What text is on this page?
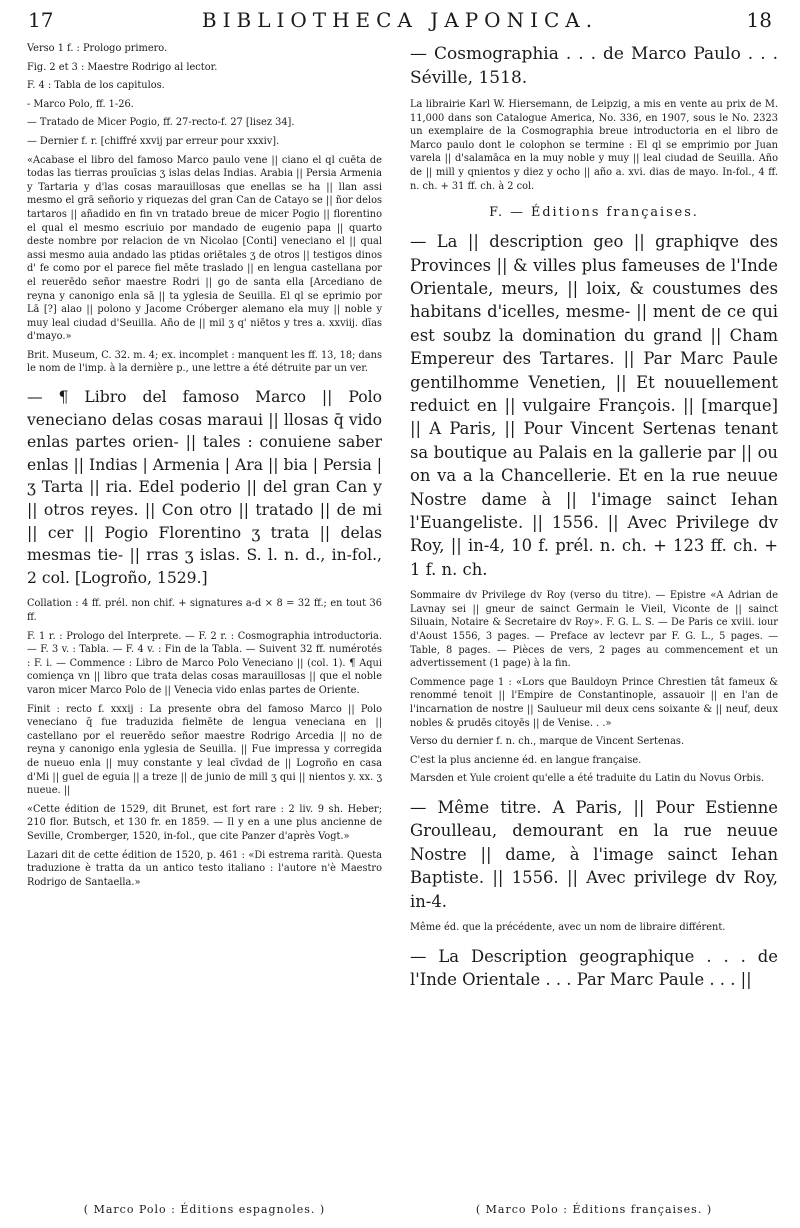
17	BIBLIOTHECA JAPONICA.	18

Verso 1 f. : Prologo primero.

Fig. 2 et 3 : Maestre Rodrigo al lector.

F. 4 : Tabla de los capitulos.

- Marco Polo, ff. 1-26.

— Tratado de Micer Pogio, ff. 27-recto-f. 27 [lisez 34].

— Dernier f. r. [chiffré xxvij par erreur pour xxxiv].

«Acabase el libro del famoso Marco paulo vene || ciano el ql cuēta de todas las tierras prouīcias ʒ islas delas Indias. Arabia || Persia Armenia y Tartaria y d'las cosas marauillosas que enellas se ha || llan assi mesmo el grā señorio y riquezas del gran Can de Catayo se || ñor delos tartaros || añadido en fin vn tratado breue de micer Pogio || florentino el qual el mesmo escriuio por mandado de eugenio papa || quarto deste nombre por relacion de vn Nicolao [Conti] veneciano el || qual assi mesmo auia andado las ptidas oriētales ʒ de otros || testigos dinos d' fe como por el parece fiel mēte traslado || en lengua castellana por el reuerēdo señor maestre Rodri || go de santa ella [Arcediano de reyna y canonigo enla sā || ta yglesia de Seuilla. El ql se eprimio por Lā [?] alao || polono y Jacome Cróberger alemano ela muy || noble y muy leal ciudad d'Seuilla. Año de || mil ʒ q' niētos y tres a. xxviij. dīas d'mayo.»

Brit. Museum, C. 32. m. 4; ex. incomplet : manquent les ff. 13, 18; dans le nom de l'imp. à la dernière p., une lettre a été détruite par un ver.

— ¶ Libro del famoso Marco || Polo veneciano delas cosas maraui || llosas q̄ vido enlas partes orien- || tales : conuiene saber enlas || Indias | Armenia | Ara || bia | Persia | ʒ Tarta || ria. Edel poderio || del gran Can y || otros reyes. || Con otro || tratado || de mi || cer || Pogio Florentino ʒ trata || delas mesmas tie- || rras ʒ islas. S. l. n. d., in-fol., 2 col. [Logroño, 1529.]

Collation : 4 ff. prél. non chif. + signatures a-d × 8 = 32 ff.; en tout 36 ff.

F. 1 r. : Prologo del Interprete. — F. 2 r. : Cosmographia introductoria. — F. 3 v. : Tabla. — F. 4 v. : Fin de la Tabla. — Suivent 32 ff. numérotés : F. i. — Commence : Libro de Marco Polo Veneciano || (col. 1). ¶ Aqui comiença vn || libro que trata delas cosas marauillosas || que el noble varon micer Marco Polo de || Venecia vido enlas partes de Oriente.

Finit : recto f. xxxij : La presente obra del famoso Marco || Polo veneciano q̄ fue traduzida fielmēte de lengua veneciana en || castellano por el reuerēdo señor maestre Rodrigo Arcedia || no de reyna y canonigo enla yglesia de Seuilla. || Fue impressa y corregida de nueuo enla || muy constante y leal cīvdad de || Logroño en casa d'Mi || guel de eguia || a treze || de junio de mill ʒ qui || nientos y. xx. ʒ nueue. ||

«Cette édition de 1529, dit Brunet, est fort rare : 2 liv. 9 sh. Heber; 210 flor. Butsch, et 130 fr. en 1859. — Il y en a une plus ancienne de Seville, Cromberger, 1520, in-fol., que cite Panzer d'après Vogt.»

Lazari dit de cette édition de 1520, p. 461 : «Di estrema rarità. Questa traduzione è tratta da un antico testo italiano : l'autore n'è Maestro Rodrigo de Santaella.»

— Cosmographia . . . de Marco Paulo . . . Séville, 1518.

La librairie Karl W. Hiersemann, de Leipzig, a mis en vente au prix de M. 11,000 dans son Catalogue America, No. 336, en 1907, sous le No. 2323 un exemplaire de la Cosmographia breue introductoria en el libro de Marco paulo dont le colophon se termine : El ql se emprimio por Juan varela || d'salamāca en la muy noble y muy || leal ciudad de Seuilla. Año de || mill y qnientos y diez y ocho || año a. xvi. dias de mayo. In-fol., 4 ff. n. ch. + 31 ff. ch. à 2 col.

F. — Éditions françaises.

— La || description geo || graphiqve des Provinces || & villes plus fameuses de l'Inde Orientale, meurs, || loix, & coustumes des habitans d'icelles, mesme- || ment de ce qui est soubz la domination du grand || Cham Empereur des Tartares. || Par Marc Paule gentilhomme Venetien, || Et nouuellement reduict en || vulgaire François. || [marque] || A Paris, || Pour Vincent Sertenas tenant sa boutique au Palais en la gallerie par || ou on va a la Chancellerie. Et en la rue neuue Nostre dame à || l'image sainct Iehan l'Euangeliste. || 1556. || Avec Privilege dv Roy, || in-4, 10 f. prél. n. ch. + 123 ff. ch. + 1 f. n. ch.

Sommaire dv Privilege dv Roy (verso du titre). — Epistre «A Adrian de Lavnay sei || gneur de sainct Germain le Vieil, Viconte de || sainct Siluain, Notaire & Secretaire dv Roy». F. G. L. S. — De Paris ce xviii. iour d'Aoust 1556, 3 pages. — Preface av lectevr par F. G. L., 5 pages. — Table, 8 pages. — Pièces de vers, 2 pages au commencement et un advertissement (1 page) à la fin.

Commence page 1 : «Lors que Bauldoyn Prince Chrestien tât fameux & renommé tenoit || l'Empire de Constantinople, assauoir || en l'an de l'incarnation de nostre || Saulueur mil deux cens soixante & || neuf, deux nobles & prudēs citoyēs || de Venise. . .»

Verso du dernier f. n. ch., marque de Vincent Sertenas.

C'est la plus ancienne éd. en langue française.

Marsden et Yule croient qu'elle a été traduite du Latin du Novus Orbis.

— Même titre. A Paris, || Pour Estienne Groulleau, demourant en la rue neuue Nostre || dame, à l'image sainct Iehan Baptiste. || 1556. || Avec privilege dv Roy, in-4.

Même éd. que la précédente, avec un nom de libraire différent.

— La Description geographique . . . de l'Inde Orientale . . . Par Marc Paule . . . ||

( Marco Polo : Éditions espagnoles. )	( Marco Polo : Éditions françaises. )
